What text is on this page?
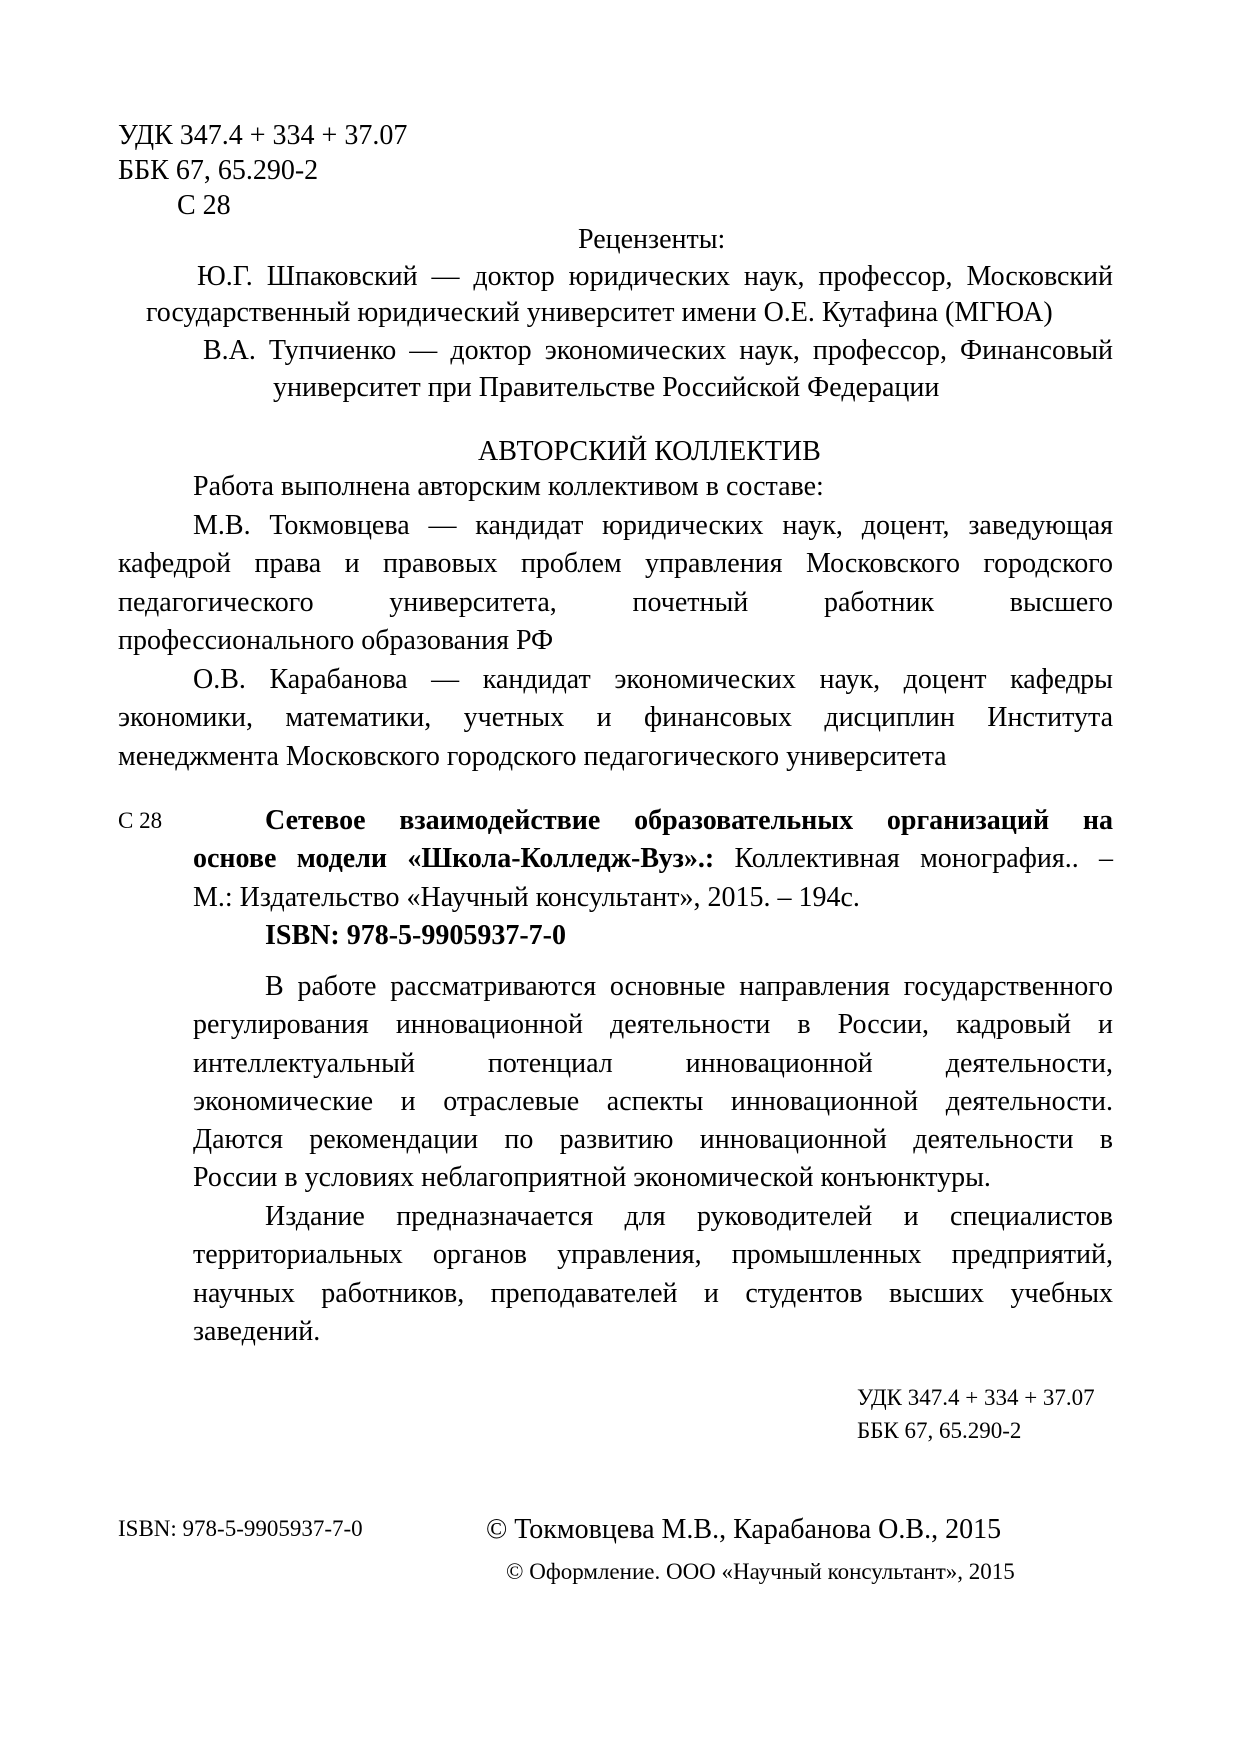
УДК 347.4 + 334 + 37.07
ББК 67, 65.290-2
С 28
Рецензенты:
Ю.Г. Шпаковский — доктор юридических наук, профессор, Московский
государственный юридический университет имени О.Е. Кутафина (МГЮА)
В.А. Тупчиенко — доктор экономических наук, профессор, Финансовый
университет при Правительстве Российской Федерации
АВТОРСКИЙ КОЛЛЕКТИВ
Работа выполнена авторским коллективом в составе:
М.В. Токмовцева — кандидат юридических наук, доцент, заведующая
кафедрой права и правовых проблем управления Московского городского
педагогического университета, почетный работник высшего
профессионального образования РФ
О.В. Карабанова — кандидат экономических наук, доцент кафедры
экономики, математики, учетных и финансовых дисциплин Института
менеджмента Московского городского педагогического университета
С 28	Сетевое взаимодействие образовательных организаций на
основе модели «Школа-Колледж-Вуз».: Коллективная монография.. –
М.: Издательство «Научный консультант», 2015. – 194с.
ISBN: 978-5-9905937-7-0
В работе рассматриваются основные направления государственного
регулирования инновационной деятельности в России, кадровый и
интеллектуальный потенциал инновационной деятельности,
экономические и отраслевые аспекты инновационной деятельности.
Даются рекомендации по развитию инновационной деятельности в
России в условиях неблагоприятной экономической конъюнктуры.
Издание предназначается для руководителей и специалистов
территориальных органов управления, промышленных предприятий,
научных работников, преподавателей и студентов высших учебных
заведений.
УДК 347.4 + 334 + 37.07
ББК 67, 65.290-2
ISBN: 978-5-9905937-7-0	© Токмовцева М.В., Карабанова О.В., 2015
© Оформление. ООО «Научный консультант», 2015
